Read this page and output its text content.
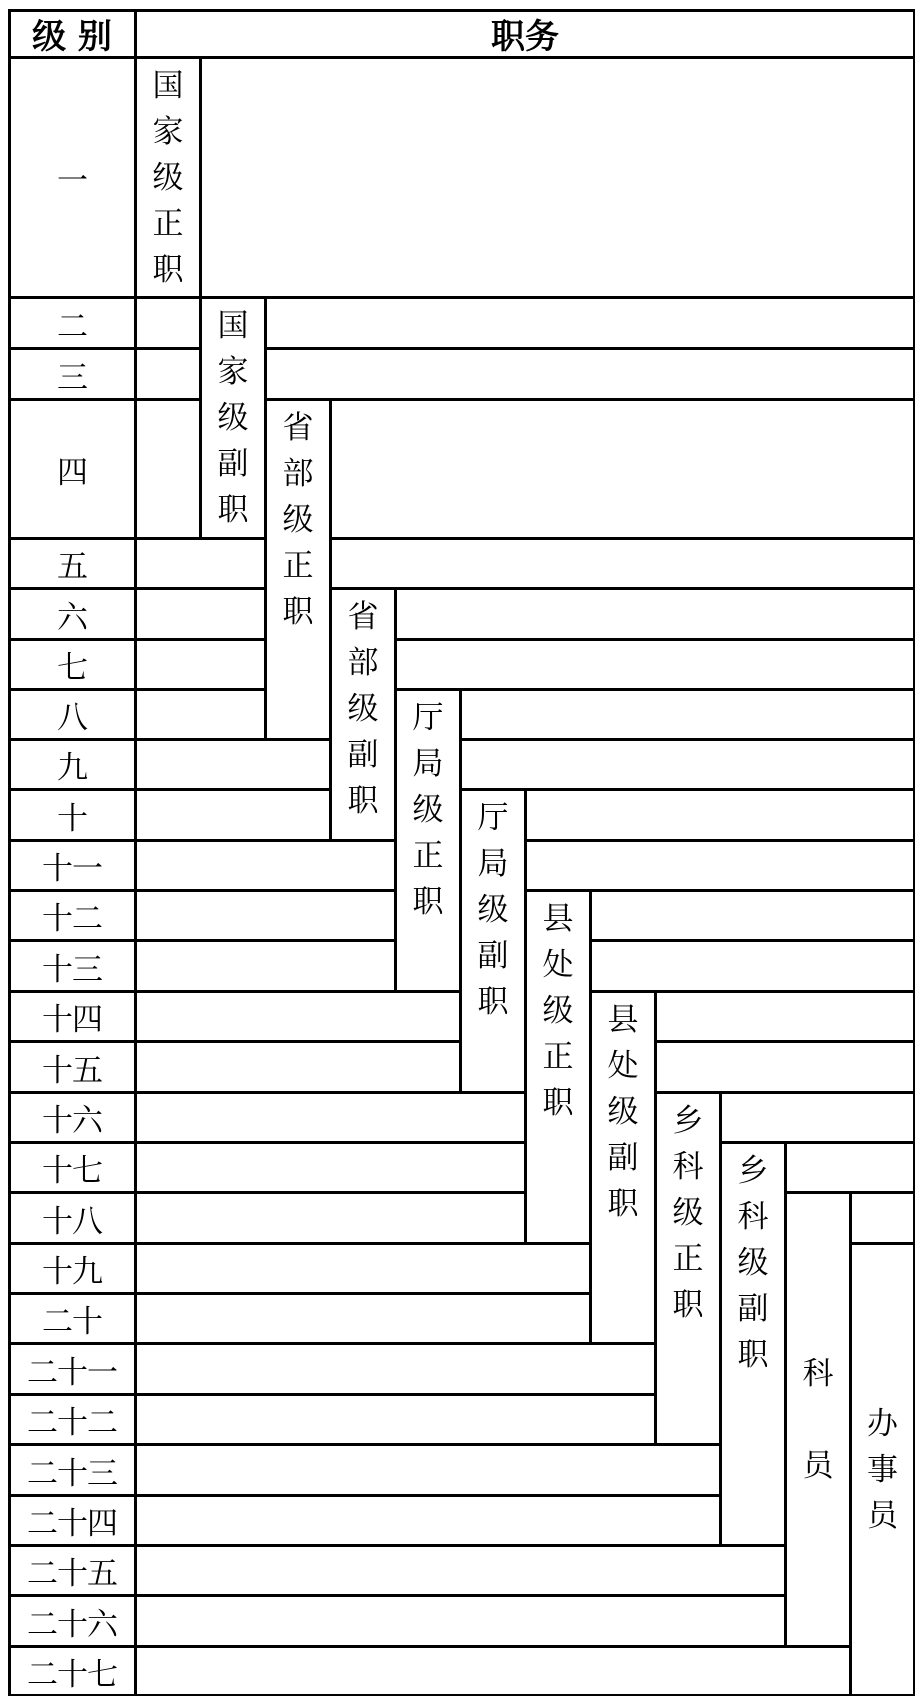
级 别	职务
一
二
三
四
五
六
七
八
九
十
十一
十二
十三
十四
十五
十六
十七
十八
十九
二十
二十一
二十二
二十三
二十四
二十五
二十六
二十七
国
家
级
正
职
国
家
级
副
职
省
部
级
正
职 省
部
级
副
职
厅
局
级
正
职
厅
局
级
副
职
县
处
级
正
职
县
处
级
副
职
乡
科
级
正
职
乡
科
级
副
职
科
员
办
事
员
